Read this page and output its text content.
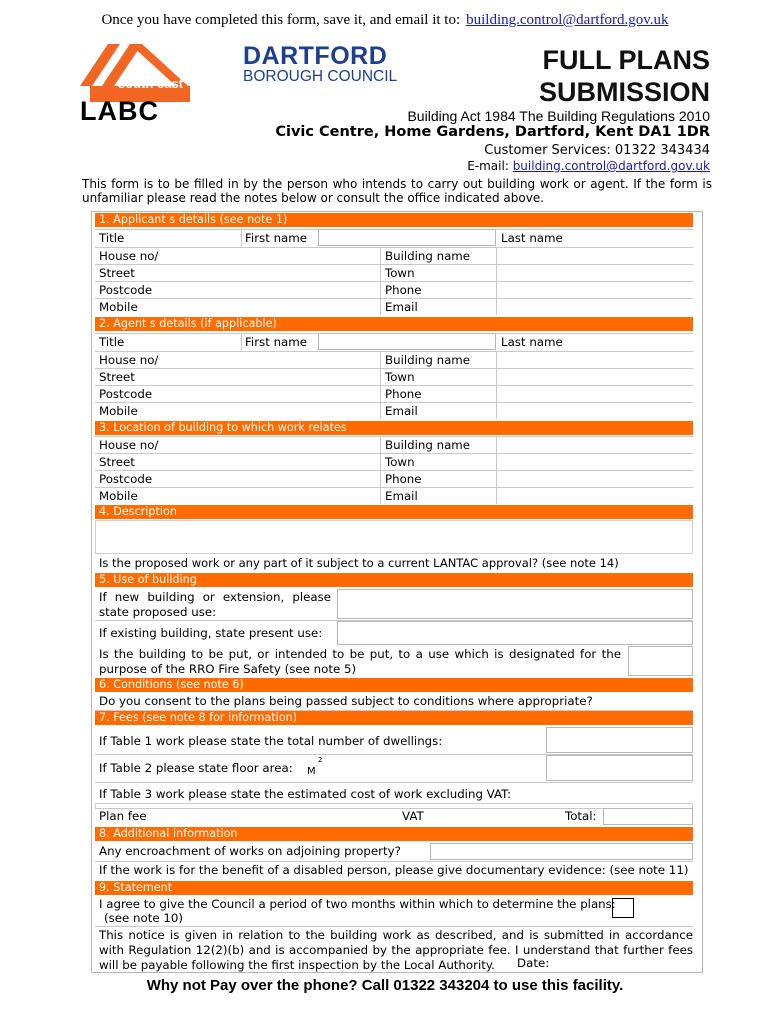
Once you have completed this form, save it, and email it to: building.control@dartford.gov.uk
south east
LABC
DARTFORD
BOROUGH COUNCIL
FULL PLANS
SUBMISSION
Building Act 1984 The Building Regulations 2010
Civic Centre, Home Gardens, Dartford, Kent DA1 1DR
Customer Services: 01322 343434
E-mail: building.control@dartford.gov.uk
This form is to be filled in by the person who intends to carry out building work or agent. If the form is unfamiliar please read the notes below or consult the office indicated above.
1. Applicant s details (see note 1)
Title	First name	Last name
House no/	Building name
Street	Town
Postcode	Phone
Mobile	Email
2. Agent s details (if applicable)
Title	First name	Last name
House no/	Building name
Street	Town
Postcode	Phone
Mobile	Email
3. Location of building to which work relates
House no/	Building name
Street	Town
Postcode	Phone
Mobile	Email
4. Description
Is the proposed work or any part of it subject to a current LANTAC approval? (see note 14)
5. Use of building
If new building or extension, please state proposed use:
If existing building, state present use:
Is the building to be put, or intended to be put, to a use which is designated for the purpose of the RRO Fire Safety (see note 5)
6. Conditions (see note 6)
Do you consent to the plans being passed subject to conditions where appropriate?
7. Fees (see note 8 for information)
If Table 1 work please state the total number of dwellings:
If Table 2 please state floor area: M
2
If Table 3 work please state the estimated cost of work excluding VAT:
Plan fee	VAT	Total:
8. Additional information
Any encroachment of works on adjoining property?
If the work is for the benefit of a disabled person, please give documentary evidence: (see note 11)
9. Statement
I agree to give the Council a period of two months within which to determine the plans:
(see note 10)
This notice is given in relation to the building work as described, and is submitted in accordance with Regulation 12(2)(b) and is accompanied by the appropriate fee. I understand that further fees will be payable following the first inspection by the Local Authority.	Date:
Why not Pay over the phone? Call 01322 343204 to use this facility.
